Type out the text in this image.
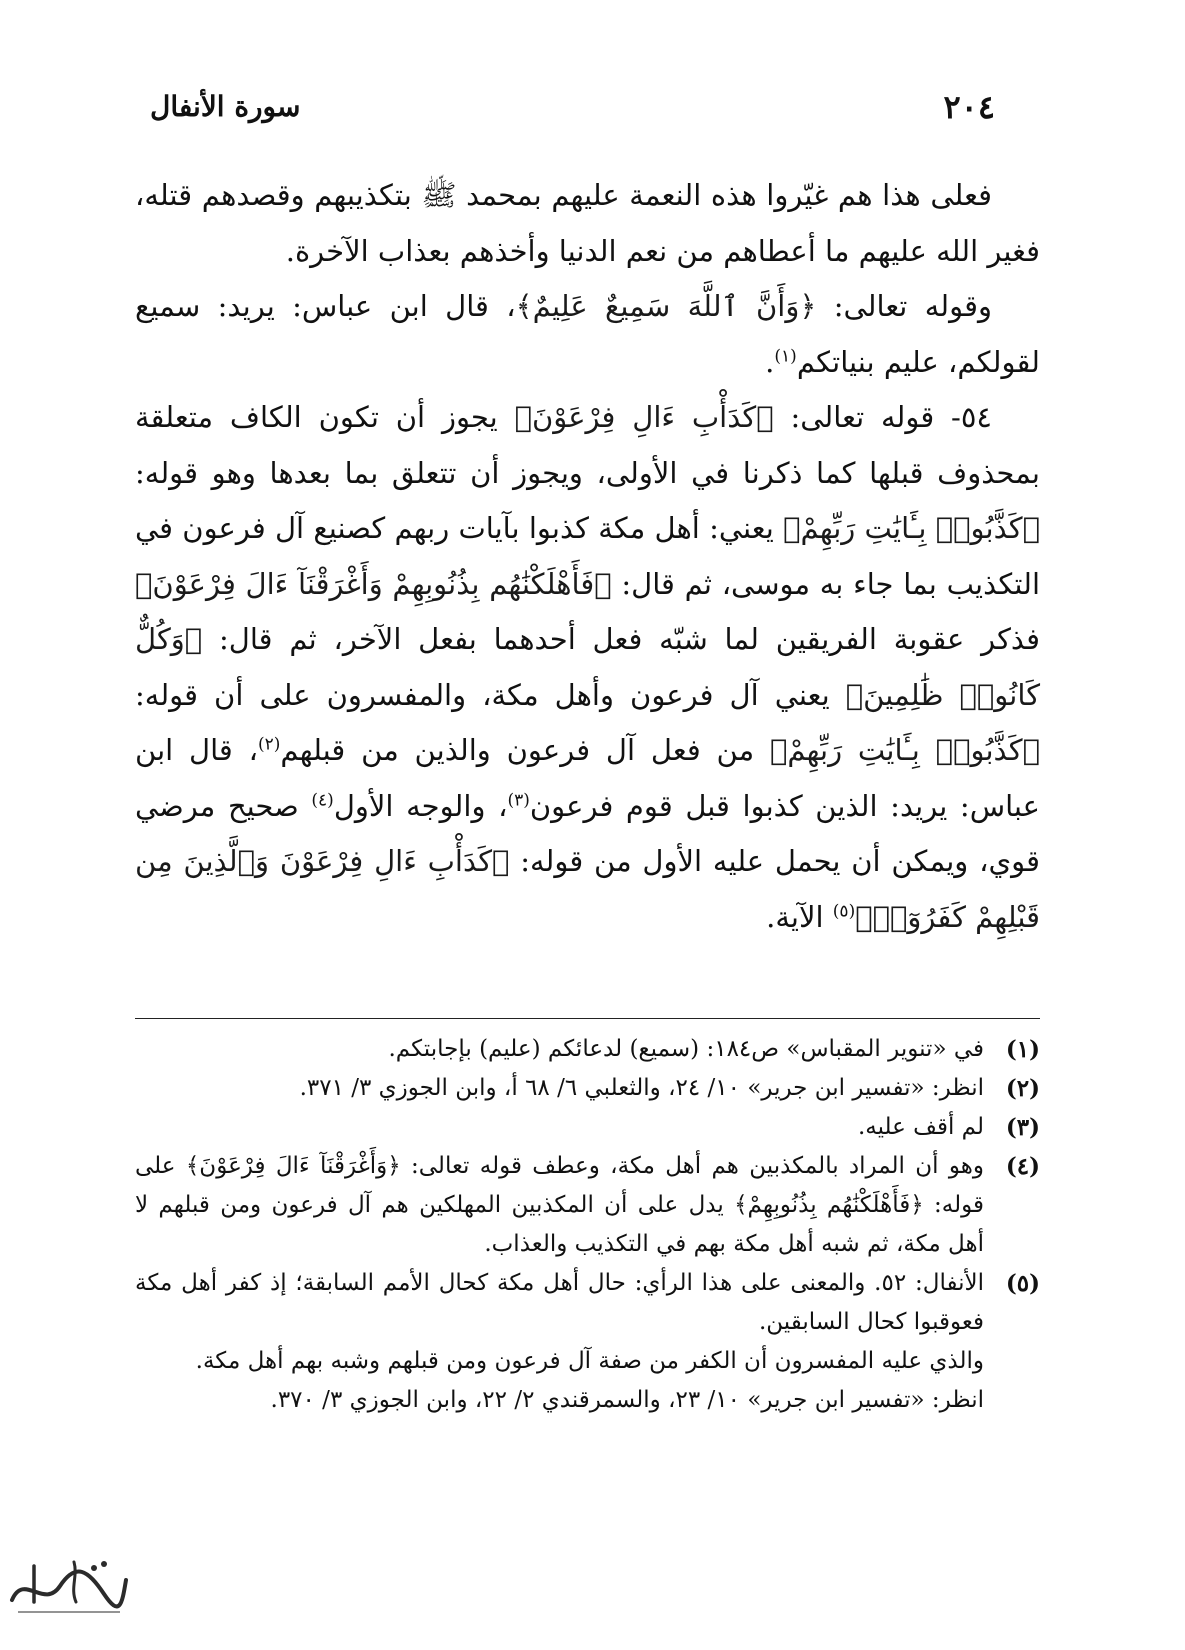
٢٠٤
سورة الأنفال

فعلى هذا هم غيّروا هذه النعمة عليهم بمحمد ﷺ بتكذيبهم وقصدهم قتله، فغير الله عليهم ما أعطاهم من نعم الدنيا وأخذهم بعذاب الآخرة.

وقوله تعالى: ﴿وَأَنَّ ٱللَّهَ سَمِيعٌ عَلِيمٌ﴾، قال ابن عباس: يريد: سميع لقولكم، عليم بنياتكم$^{(١)}$.

٥٤- قوله تعالى: ﴿كَدَأْبِ ءَالِ فِرْعَوْنَ﴾ يجوز أن تكون الكاف متعلقة بمحذوف قبلها كما ذكرنا في الأولى، ويجوز أن تتعلق بما بعدها وهو قوله: ﴿كَذَّبُوا۟ بِـَٔايَٰتِ رَبِّهِمْ﴾ يعني: أهل مكة كذبوا بآيات ربهم كصنيع آل فرعون في التكذيب بما جاء به موسى، ثم قال: ﴿فَأَهْلَكْنَٰهُم بِذُنُوبِهِمْ وَأَغْرَقْنَآ ءَالَ فِرْعَوْنَ﴾ فذكر عقوبة الفريقين لما شبّه فعل أحدهما بفعل الآخر، ثم قال: ﴿وَكُلٌّ كَانُوا۟ ظَٰلِمِينَ﴾ يعني آل فرعون وأهل مكة، والمفسرون على أن قوله: ﴿كَذَّبُوا۟ بِـَٔايَٰتِ رَبِّهِمْ﴾ من فعل آل فرعون والذين من قبلهم$^{(٢)}$، قال ابن عباس: يريد: الذين كذبوا قبل قوم فرعون$^{(٣)}$، والوجه الأول$^{(٤)}$ صحيح مرضي قوي، ويمكن أن يحمل عليه الأول من قوله: ﴿كَدَأْبِ ءَالِ فِرْعَوْنَ وَٱلَّذِينَ مِن قَبْلِهِمْ كَفَرُوٓا۟﴾$^{(٥)}$ الآية.

(١)
في «تنوير المقباس» ص١٨٤: (سميع) لدعائكم (عليم) بإجابتكم.
(٢)
انظر: «تفسير ابن جرير» ١٠/ ٢٤، والثعلبي ٦/ ٦٨ أ، وابن الجوزي ٣/ ٣٧١.
(٣)
لم أقف عليه.
(٤)
وهو أن المراد بالمكذبين هم أهل مكة، وعطف قوله تعالى: ﴿وَأَغْرَقْنَآ ءَالَ فِرْعَوْنَ﴾ على قوله: ﴿فَأَهْلَكْنَٰهُم بِذُنُوبِهِمْ﴾ يدل على أن المكذبين المهلكين هم آل فرعون ومن قبلهم لا أهل مكة، ثم شبه أهل مكة بهم في التكذيب والعذاب.
(٥)
الأنفال: ٥٢. والمعنى على هذا الرأي: حال أهل مكة كحال الأمم السابقة؛ إذ كفر أهل مكة فعوقبوا كحال السابقين.
والذي عليه المفسرون أن الكفر من صفة آل فرعون ومن قبلهم وشبه بهم أهل مكة.
انظر: «تفسير ابن جرير» ١٠/ ٢٣، والسمرقندي ٢/ ٢٢، وابن الجوزي ٣/ ٣٧٠.
